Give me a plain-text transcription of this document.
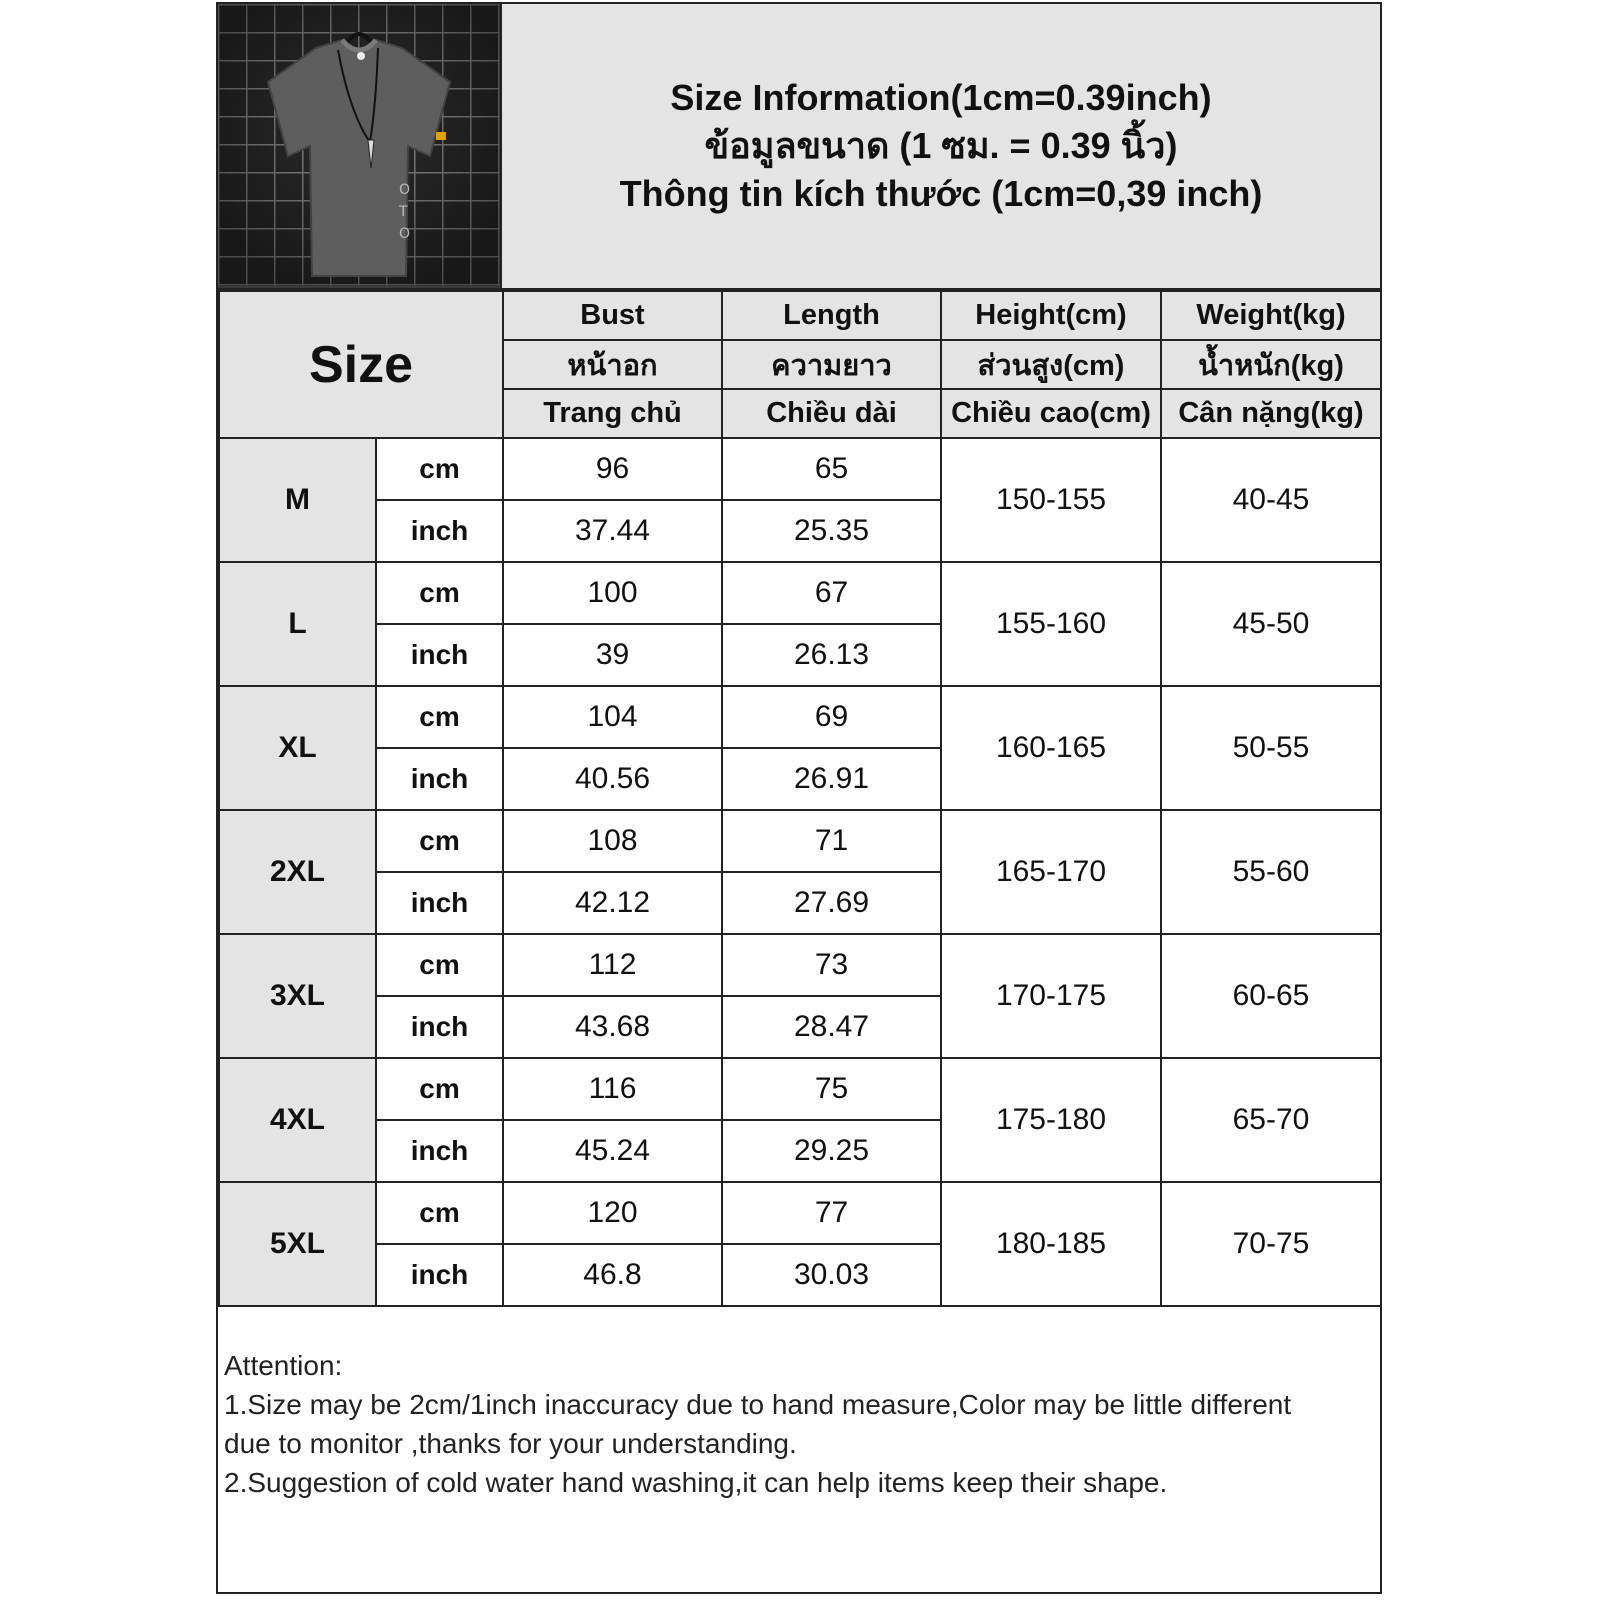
O
T
O
Size Information(1cm=0.39inch)
ข้อมูลขนาด (1 ซม. = 0.39 นิ้ว)
Thông tin kích thước (1cm=0,39 inch)
Size		Bust	Length	Height(cm)	Weight(kg)
		หน้าอก	ความยาว	ส่วนสูง(cm)	น้ำหนัก(kg)
		Trang chủ	Chiều dài	Chiều cao(cm)	Cân nặng(kg)
M	cm	96	65	150-155	40-45
	inch	37.44	25.35		
L	cm	100	67	155-160	45-50
	inch	39	26.13		
XL	cm	104	69	160-165	50-55
	inch	40.56	26.91		
2XL	cm	108	71	165-170	55-60
	inch	42.12	27.69		
3XL	cm	112	73	170-175	60-65
	inch	43.68	28.47		
4XL	cm	116	75	175-180	65-70
	inch	45.24	29.25		
5XL	cm	120	77	180-185	70-75
	inch	46.8	30.03		

Attention:

1.Size may be 2cm/1inch inaccuracy due to hand measure,Color may be little different

due to monitor ,thanks for your understanding.

2.Suggestion of cold water hand washing,it can help items keep their shape.
